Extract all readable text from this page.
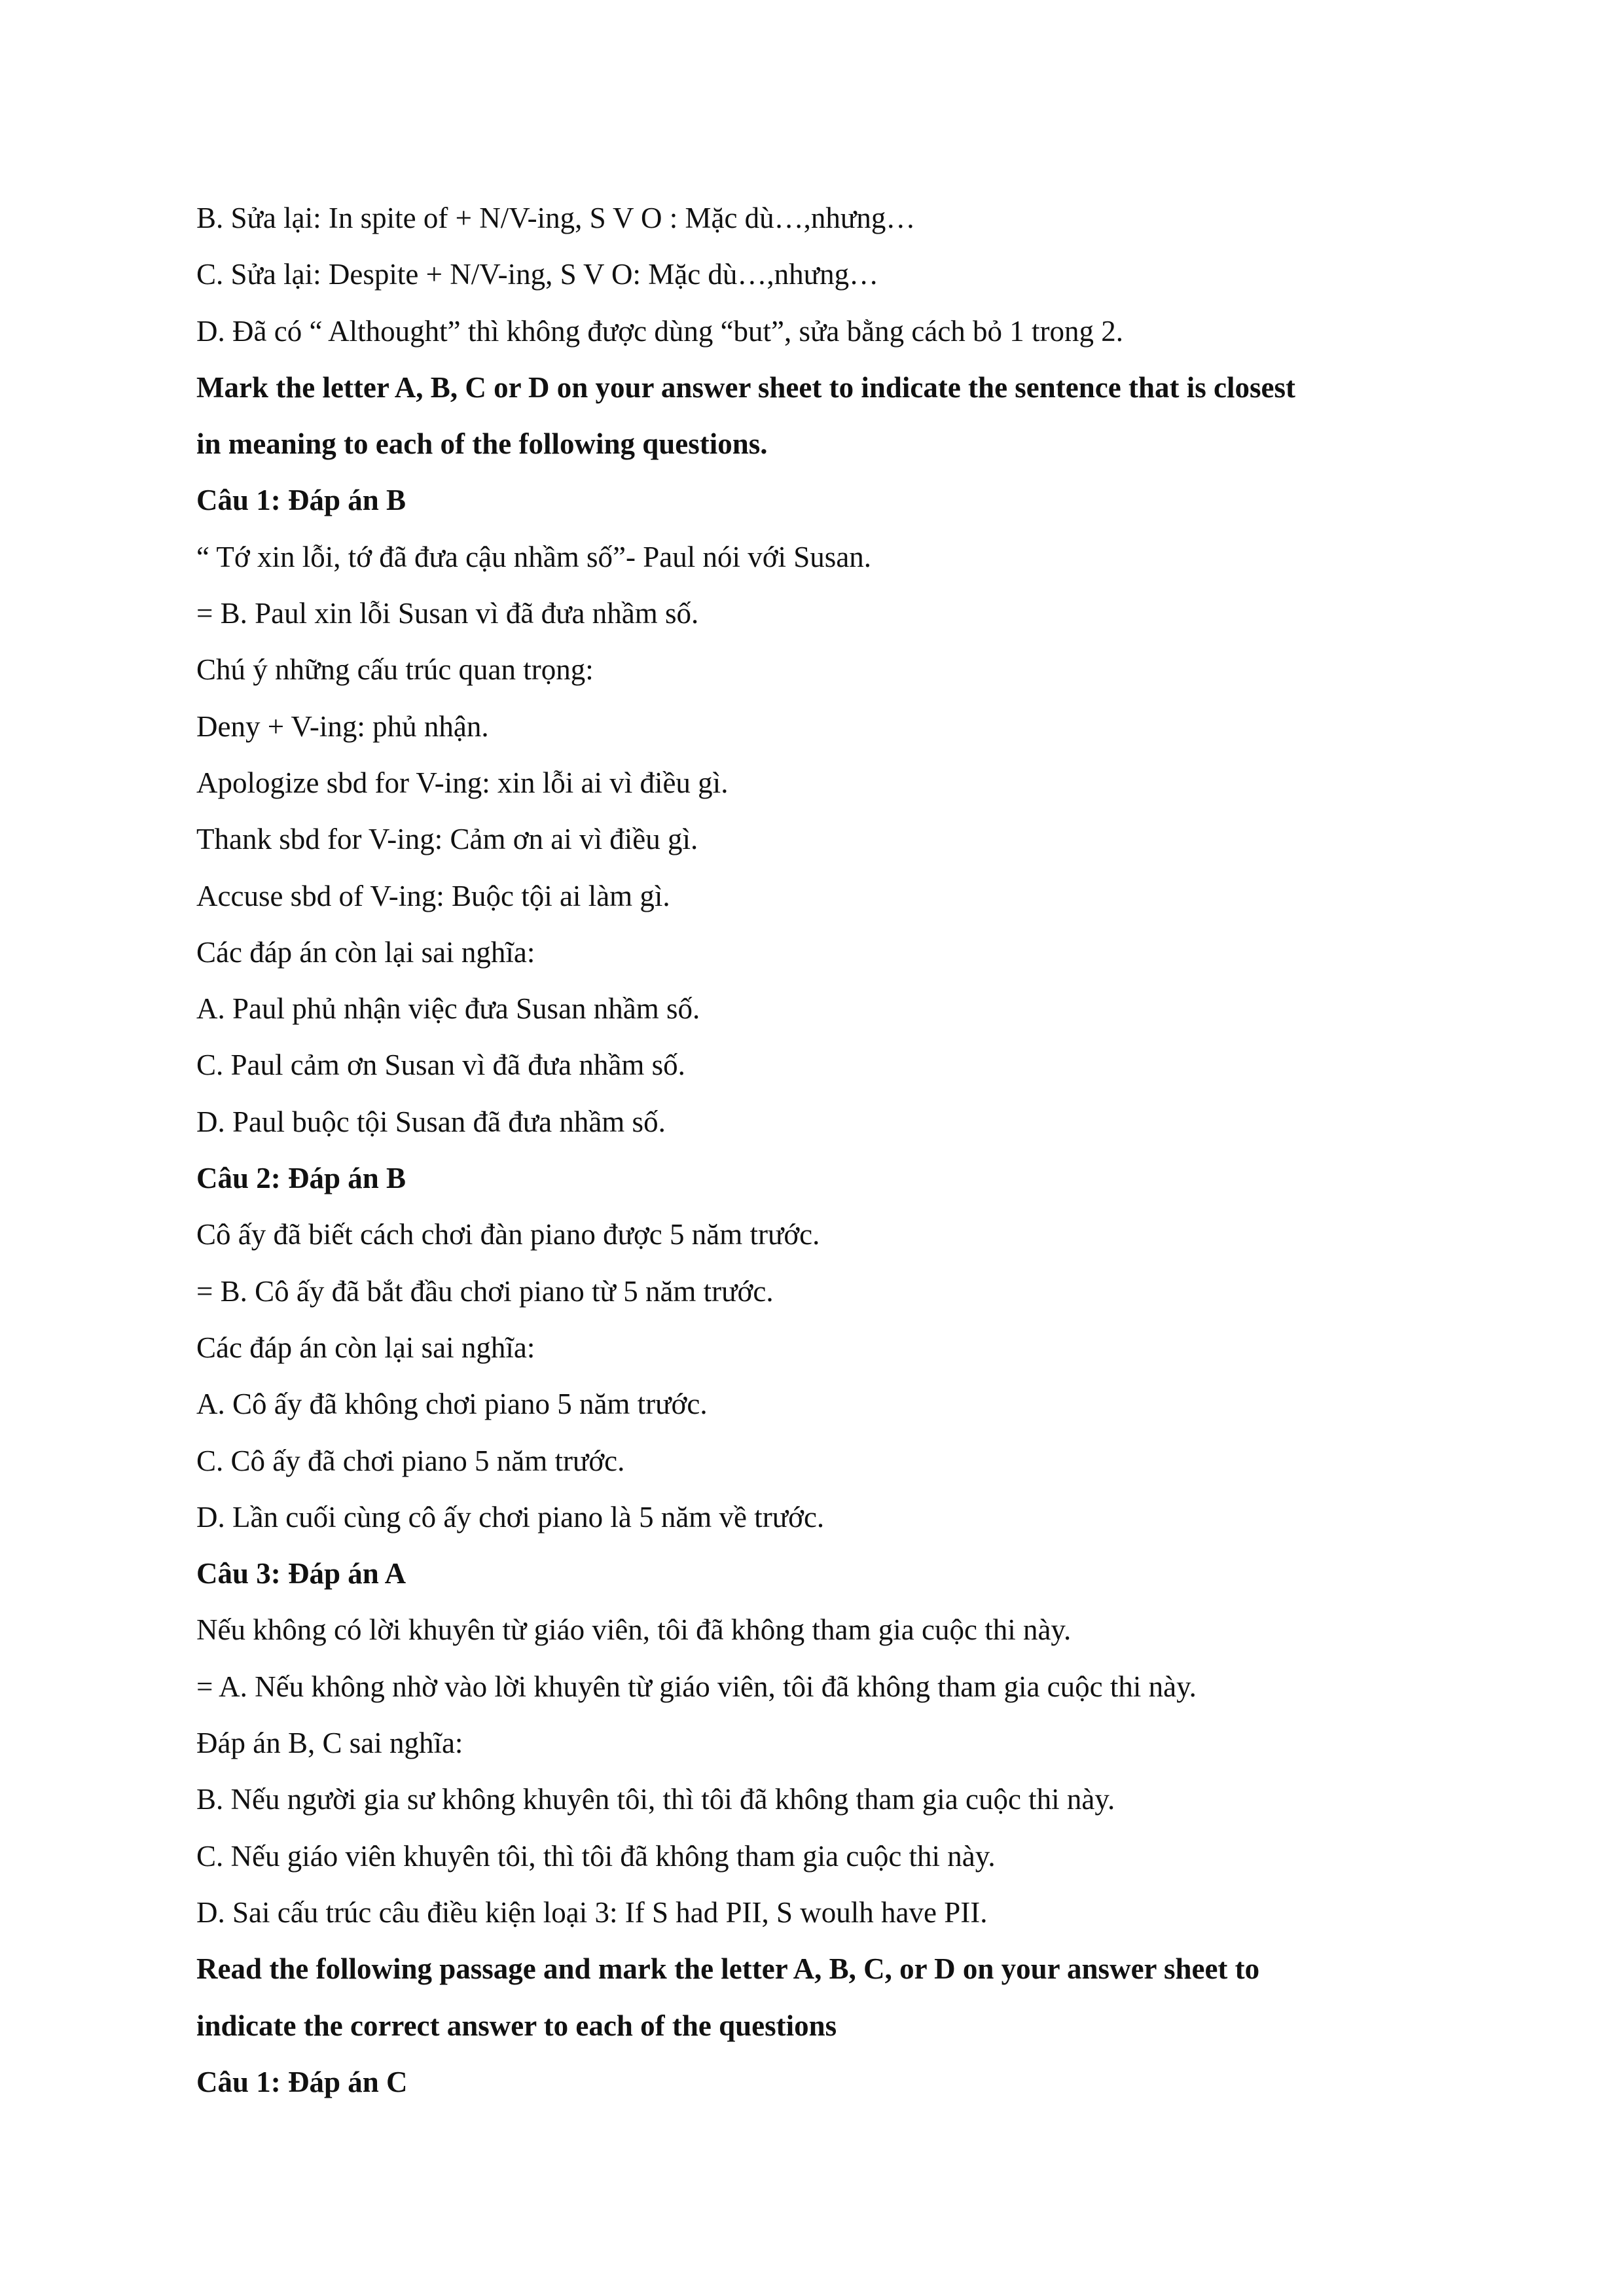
B. Sửa lại: In spite of + N/V-ing, S V O : Mặc dù…,nhưng…
C. Sửa lại: Despite + N/V-ing, S V O: Mặc dù…,nhưng…
D. Đã có “ Althought” thì không được dùng “but”, sửa bằng cách bỏ 1 trong 2.
Mark the letter A, B, C or D on your answer sheet to indicate the sentence that is closest
in meaning to each of the following questions.
Câu 1: Đáp án B
“ Tớ xin lỗi, tớ đã đưa cậu nhầm số”- Paul nói với Susan.
= B. Paul xin lỗi Susan vì đã đưa nhầm số.
Chú ý những cấu trúc quan trọng:
Deny + V-ing: phủ nhận.
Apologize sbd for V-ing: xin lỗi ai vì điều gì.
Thank sbd for V-ing: Cảm ơn ai vì điều gì.
Accuse sbd of V-ing: Buộc tội ai làm gì.
Các đáp án còn lại sai nghĩa:
A. Paul phủ nhận việc đưa Susan nhầm số.
C. Paul cảm ơn Susan vì đã đưa nhầm số.
D. Paul buộc tội Susan đã đưa nhầm số.
Câu 2: Đáp án B
Cô ấy đã biết cách chơi đàn piano được 5 năm trước.
= B. Cô ấy đã bắt đầu chơi piano từ 5 năm trước.
Các đáp án còn lại sai nghĩa:
A. Cô ấy đã không chơi piano 5 năm trước.
C. Cô ấy đã chơi piano 5 năm trước.
D. Lần cuối cùng cô ấy chơi piano là 5 năm về trước.
Câu 3: Đáp án A
Nếu không có lời khuyên từ giáo viên, tôi đã không tham gia cuộc thi này.
= A. Nếu không nhờ vào lời khuyên từ giáo viên, tôi đã không tham gia cuộc thi này.
Đáp án B, C sai nghĩa:
B. Nếu người gia sư không khuyên tôi, thì tôi đã không tham gia cuộc thi này.
C. Nếu giáo viên khuyên tôi, thì tôi đã không tham gia cuộc thi này.
D. Sai cấu trúc câu điều kiện loại 3: If S had PII, S woulh have PII.
Read the following passage and mark the letter A, B, C, or D on your answer sheet to
indicate the correct answer to each of the questions
Câu 1: Đáp án C
